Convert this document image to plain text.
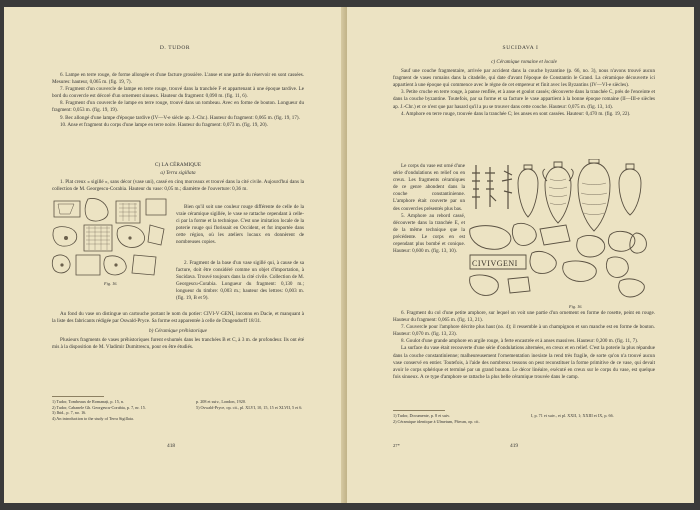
D. TUDOR

6. Lampe en terre rouge, de forme allongée et d'une facture grossière. L'anse et une partie du réservoir en sont cassées. Mesures: hauteur, 0,065 m. (fig. 19, 7).

7. Fragment d'un couvercle de lampe en terre rouge, trouvé dans la tranchée F et appartenant à une époque tardive. Le bord du couvercle est décoré d'un ornement sinueux. Hauteur du fragment: 0,090 m. (fig. 11, 6).

8. Fragment d'un couvercle de lampe en terre rouge, trouvé dans un tombeau. Avec en forme de bouton. Longueur du fragment: 0,053 m. (fig. 19, 19).

9. Bec allongé d'une lampe d'époque tardive (IV—V-e siècle ap. J.-Chr.). Hauteur du fragment: 0,065 m. (fig. 19, 17).

10. Anse et fragment du corps d'une lampe en terre noire. Hauteur du fragment: 0,073 m. (fig. 19, 20).

C) LA CÉRAMIQUE
a) Terra sigillata

1. Plat creux « sigillé », sans décor (vase uni), cassé en cinq morceaux et trouvé dans la cité civile. Aujourd'hui dans la collection de M. Georgescu-Corabia. Hauteur du vase: 0,05 m.; diamètre de l'ouverture: 0,36 m.

Fig. 16.

Bien qu'il soit une couleur rouge différente de celle de la vraie céramique sigillée, le vase se rattache cependant à celle-ci par la forme et la technique. C'est une imitation locale de la poterie rouge qui florissait en Occident, et fut importée dans cette région, où les ateliers locaux en donnèrent de nombreuses copies.

2. Fragment de la base d'un vase sigillé qui, à cause de sa facture, doit être considéré comme un objet d'importation, à Sucidava. Trouvé toujours dans la cité civile. Collection de M. Georgescu-Corabia. Longueur du fragment: 0,130 m.; longueur du timbre: 0,003 m.; hauteur des lettres: 0,003 m. (fig. 19, B et 9).

Au fond du vase on distingue un cartouche portant le nom du potier: CIVI-V·GENI, inconnu en Dacie, et manquant à la liste des fabricants rédigée par Oswald-Pryce. Sa forme est apparentée à celle de Dragendorff 18/31.

b) Céramique préhistorique

Plusieurs fragments de vases préhistoriques furent exhumés dans les tranchées B et C, à 3 m. de profondeur. Ils ont été mis à la disposition de M. Vladimir Dumitrescu, pour en être étudiés.

1) Tudor, Tombeaux de Romanați, p. 15, n.
2) Tudor, Cabanele Gh. Georgescu-Corabia, p. 7, nr. 15.
3) Ibid., p. 7, no. 16.
4) An introduction to the study of Terra Sigillata.
p. 208 et suiv., London, 1920.
5) Oswald-Pryce, op. cit., pl. XLVI, 10, 15, 15 et XLVII, 5 et 6.
418
SUCIDAVA I
c) Céramique romaine et locale

Sauf une couche fragmentaire, arrivée par accident dans la couche byzantine (p. 66, no. 3), nous n'avons trouvé aucun fragment de vases romains dans la citadelle, qui date d'avant l'époque de Constantin le Grand. La céramique découverte ici appartient à une époque qui commence avec le règne de cet empereur et finit avec les Byzantins (IV—VI-e siècles).

3. Petite cruche en terre rouge, à panse renflée, et à anse et goulot cassés; découverte dans la tranchée C, près de l'enceinte et dans la couche byzantine. Toutefois, par sa forme et sa facture le vase appartient à la bonne époque romaine (II—III-e siècles ap. J.-Chr.) et ce n'est que par hasard qu'il a pu se trouver dans cette couche. Hauteur: 0,075 m. (fig. 13, 14).

4. Amphore en terre rouge, trouvée dans la tranchée C; les anses en sont cassées. Hauteur: 0,470 m. (fig. 19, 22).

Le corps du vase est orné d'une série d'ondulations en relief ou en creux. Les fragments céramiques de ce genre abondent dans la couche constantinienne. L'amphore était couverte par un des couvercles présentés plus bas.

5. Amphore au rebord cassé, découverte dans la tranchée E, et de la même technique que la précédente. Le corps en est cependant plus bombé et conique. Hauteur: 0,600 m. (fig. 13, 10).

CIVIVGENI
Fig. 16.

6. Fragment du col d'une petite amphore, sur lequel on voit une partie d'un ornement en forme de rosette, peint en rouge. Hauteur du fragment: 0,065 m. (fig. 13, 21).

7. Couvercle pour l'amphore décrite plus haut (no. 4); il ressemble à un champignon et son manche est en forme de bouton. Hauteur: 0,070 m. (fig. 13, 23).

8. Goulot d'une grande amphore en argile rouge, à ferte encastrée et à anses massives. Hauteur: 0,200 m. (fig. 11, 7).

La surface du vase était recouverte d'une série d'ondulations alternées, en creux et en relief. C'est la poterie la plus répandue dans la couche constantinienne; malheureusement l'ornementation inexiste la rend très fragile, de sorte qu'on n'a trouvé aucun vase conservé en entier. Toutefois, à l'aide des nombreux tessons on peut reconstituer la forme primitive de ce vase, qui devait avoir le corps sphérique et terminé par un grand bouton. Le décor linéaire, exécuté en creux sur le corps du vase, est quelque fois sinueux. A ce type d'amphore se rattache la plus belle céramique trouvée dans le camp.

1) Tudor, Documente, p. 8 et suiv.
2) Céramique identique à Ulmetum, Pârvan, op. cit.
I, p. 71 et suiv., et pl. XXII, 1; XXIII et IX, p. 66.
27*	419
